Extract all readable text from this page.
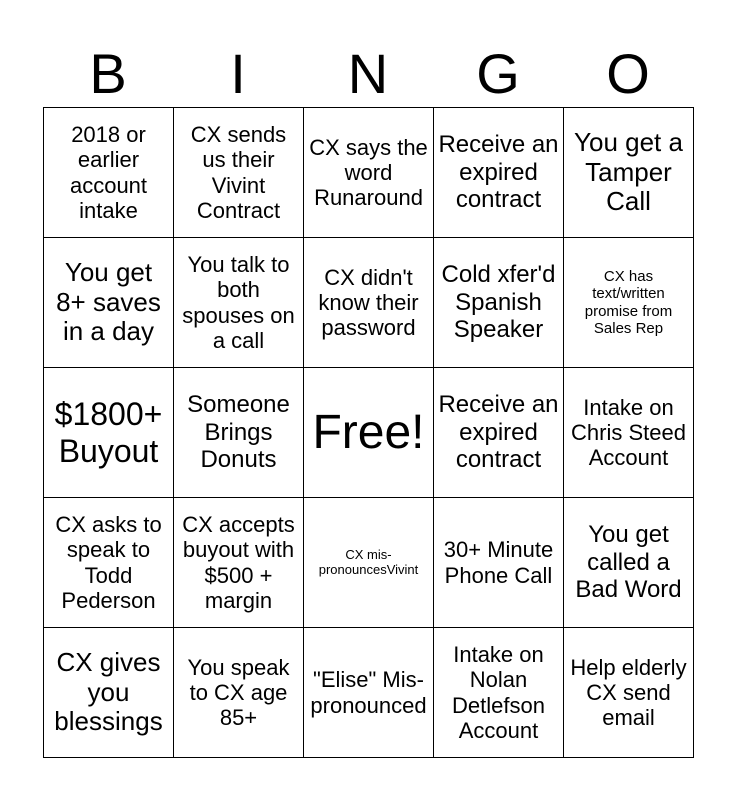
B	I	N	G	O
2018 or earlier account intake	CX sends us their Vivint Contract	CX says the word Runaround	Receive an expired contract	You get a Tamper Call
You get 8+ saves in a day	You talk to both spouses on a call	CX didn't know their password	Cold xfer'd Spanish Speaker	CX has text/written promise from Sales Rep
$1800+ Buyout	Someone Brings Donuts	Free!	Receive an expired contract	Intake on Chris Steed Account
CX asks to speak to Todd Pederson	CX accepts buyout with $500 + margin	CX mis-pronouncesVivint	30+ Minute Phone Call	You get called a Bad Word
CX gives you blessings	You speak to CX age 85+	"Elise" Mis-pronounced	Intake on Nolan Detlefson Account	Help elderly CX send email
